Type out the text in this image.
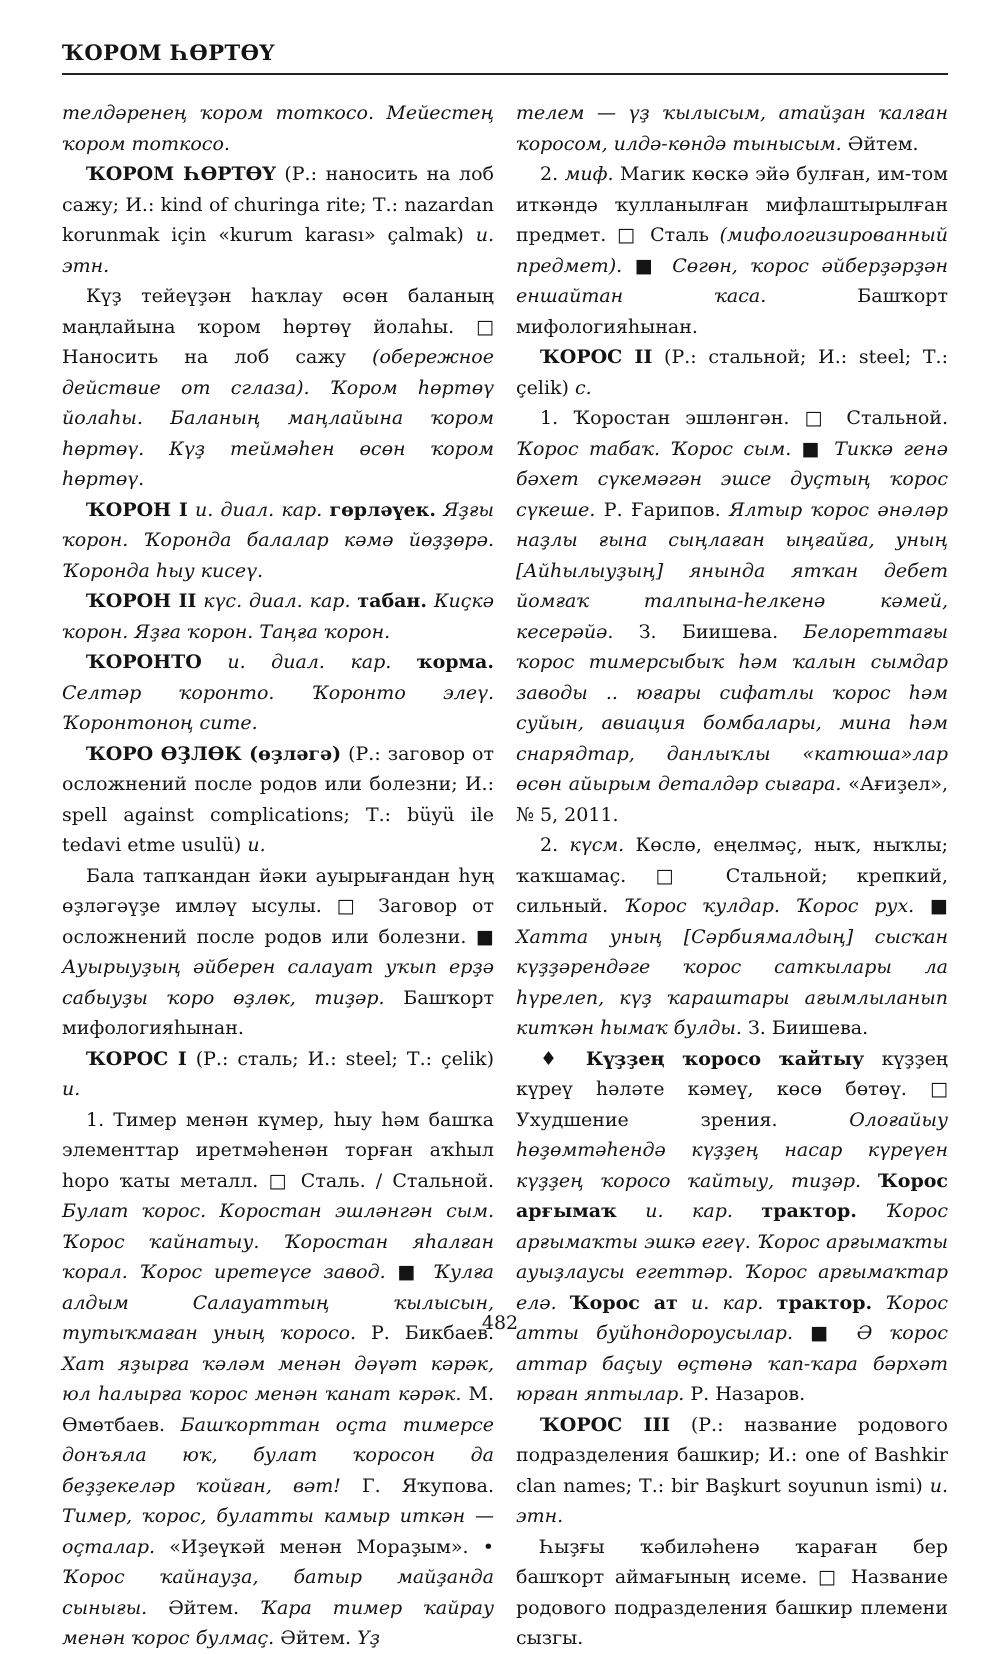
ҠОРОМ ҺӨРТӨҮ

телдәренең ҡором тоткосо. Мейестең ҡором тоткосо.

ҠОРОМ ҺӨРТӨҮ (Р.: наносить на лоб сажу; И.: kind of churinga rite; Т.: nazardan korunmak için «kurum karası» çalmak) и. этн.

Күҙ тейеүҙән һаҡлау өсөн баланың маңлайына ҡором һөртөү йолаһы. □ Наносить на лоб сажу (обережное действие от сглаза). Ҡором һөртөү йолаһы. Баланың маңлайына ҡором һөртөү. Күҙ теймәһен өсөн ҡором һөртөү.

ҠОРОН I и. диал. кар. гөрләүек. Яҙғы ҡорон. Ҡоронда балалар кәмә йөҙҙөрә. Ҡоронда һыу кисеү.

ҠОРОН II күс. диал. кар. табан. Киҫкә ҡорон. Яҙға ҡорон. Таңға ҡорон.

ҠОРОНТО и. диал. кар. ҡорма. Селтәр ҡоронто. Ҡоронто элеү. Ҡоронтоноң сите.

ҠОРО ӨҘЛӨК (өҙләгә) (Р.: заговор от осложнений после родов или болезни; И.: spell against complications; Т.: büyü ile tedavi etme usulü) и.

Бала тапҡандан йәки ауырығандан һуң өҙләгәүҙе имләү ысулы. □ Заговор от осложнений после родов или болезни. ■ Ауырыуҙың әйберен салауат уҡып ерҙә сабыуҙы ҡоро өҙлөк, тиҙәр. Башҡорт мифологияһынан.

ҠОРОС I (Р.: сталь; И.: steel; Т.: çelik) и.

1. Тимер менән күмер, һыу һәм башҡа элементтар иретмәһенән торған аҡһыл һоро ҡаты металл. □ Сталь. / Стальной. Булат ҡорос. Коростан эшләнгән сым. Ҡорос ҡайнатыу. Ҡоростан яһалған ҡорал. Ҡорос иретеүсе завод. ■ Ҡулға алдым Салауаттың ҡылысын, тутыҡмаған уның ҡоросо. Р. Бикбаев. Хат яҙырға ҡәләм менән дәүәт кәрәк, юл һалырға ҡорос менән ҡанат кәрәк. М. Өмөтбаев. Башҡорттан оҫта тимерсе донъяла юҡ, булат ҡоросон да беҙҙекеләр ҡойған, вәт! Г. Яҡупова. Тимер, ҡорос, булатты камыр иткән — оҫталар. «Иҙеүкәй менән Мораҙым». • Ҡорос ҡайнауҙа, батыр майҙанда сынығы. Әйтем. Ҡара тимер ҡайрау менән ҡорос булмаҫ. Әйтем. Үҙ

телем — үҙ ҡылысым, атайҙан ҡалған ҡоросом, илдә-көндә тынысым. Әйтем.

2. миф. Магик көскә эйә булған, им-том иткәндә ҡулланылған мифлаштырылған предмет. □ Сталь (мифологизированный предмет). ■ Сөгөн, ҡорос әйберҙәрҙән еншайтан ҡаса. Башҡорт мифологияһынан.

ҠОРОС II (Р.: стальной; И.: steel; Т.: çelik) с.

1. Ҡоростан эшләнгән. □ Стальной. Ҡорос табаҡ. Ҡорос сым. ■ Тиккә генә бәхет сүкемәгән эшсе дуҫтың ҡорос сүкеше. Р. Ғарипов. Ялтыр ҡорос әнәләр наҙлы ғына сыңлаған ыңғайға, уның [Айһылыуҙың] янында ятҡан дебет йомғаҡ талпына-һелкенә кәмей, кесерәйә. З. Биишева. Белореттағы ҡорос тимерсыбыҡ һәм ҡалын сымдар заводы .. юғары сифатлы ҡорос һәм суйын, авиация бомбалары, мина һәм снарядтар, данлыҡлы «катюша»лар өсөн айырым деталдәр сығара. «Ағиҙел», № 5, 2011.

2. күсм. Көслө, еңелмәҫ, ныҡ, ныҡлы; ҡаҡшамаҫ. □ Стальной; крепкий, сильный. Ҡорос ҡулдар. Ҡорос рух. ■ Хатта уның [Сәрбиямалдың] сысҡан күҙҙәрендәге ҡорос саткылары ла һүрелеп, күҙ ҡараштары ағымлыланып китҡән һымаҡ булды. З. Биишева.

♦ Күҙҙең ҡоросо ҡайтыу күҙҙең күреү һәләте кәмеү, көсө бөтөү. □ Ухудшение зрения. Олоғайыу һөҙөмтәһендә күҙҙең насар күреүен күҙҙең ҡоросо ҡайтыу, тиҙәр. Ҡорос арғымаҡ и. кар. трактор. Ҡорос арғымаҡты эшкә егеү. Ҡорос арғымаҡты ауыҙлаусы егеттәр. Ҡорос арғымаҡтар елә. Ҡорос ат и. кар. трактор. Ҡорос атты буйһондороусылар. ■ Ә ҡорос аттар баҫыу өҫтөнә ҡап-ҡара бәрхәт юрған яптылар. Р. Назаров.

ҠОРОС III (Р.: название родового подразделения башкир; И.: one of Bashkir clan names; Т.: bir Başkurt soyunun ismi) и. этн.

Һыҙғы ҡәбиләһенә ҡараған бер башҡорт аймағының исеме. □ Название родового подразделения башкир племени сызгы.

482
